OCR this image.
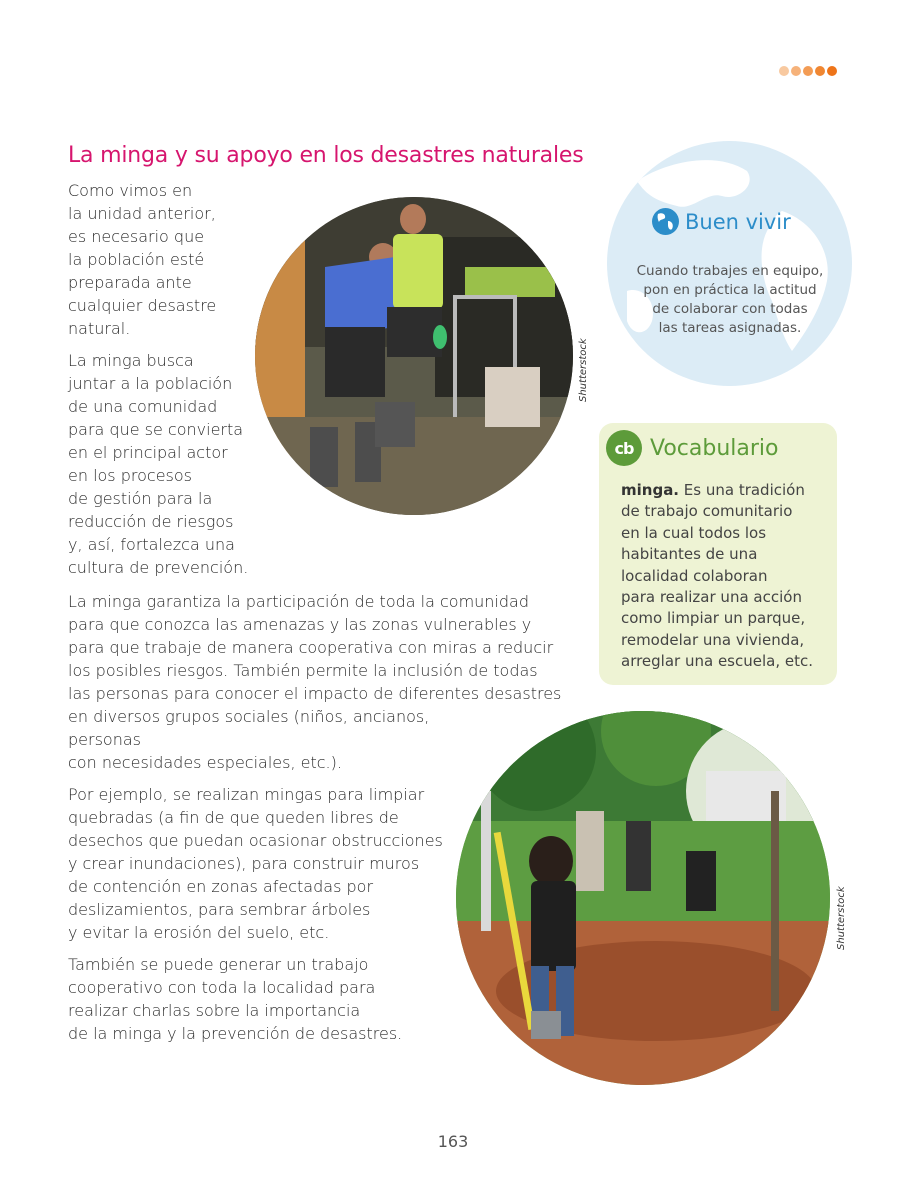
La minga y su apoyo en los desastres naturales

Como vimos en
la unidad anterior,
es necesario que
la población esté
preparada ante
cualquier desastre
natural.

La minga busca
juntar a la población
de una comunidad
para que se convierta
en el principal actor
en los procesos
de gestión para la
reducción de riesgos
y, así, fortalezca una
cultura de prevención.

La minga garantiza la participación de toda la comunidad
para que conozca las amenazas y las zonas vulnerables y
para que trabaje de manera cooperativa con miras a reducir
los posibles riesgos. También permite la inclusión de todas
las personas para conocer el impacto de diferentes desastres
en diversos grupos sociales (niños, ancianos,
personas
con necesidades especiales, etc.).

Por ejemplo, se realizan mingas para limpiar
quebradas (a fin de que queden libres de
desechos que puedan ocasionar obstrucciones
y crear inundaciones), para construir muros
de contención en zonas afectadas por
deslizamientos, para sembrar árboles
y evitar la erosión del suelo, etc.

También se puede generar un trabajo
cooperativo con toda la localidad para
realizar charlas sobre la importancia
de la minga y la prevención de desastres.

Shutterstock
Buen vivir
Cuando trabajes en equipo,
pon en práctica la actitud
de colaborar con todas
las tareas asignadas.
cb Vocabulario
minga. Es una tradición
de trabajo comunitario
en la cual todos los
habitantes de una
localidad colaboran
para realizar una acción
como limpiar un parque,
remodelar una vivienda,
arreglar una escuela, etc.
Shutterstock
163
